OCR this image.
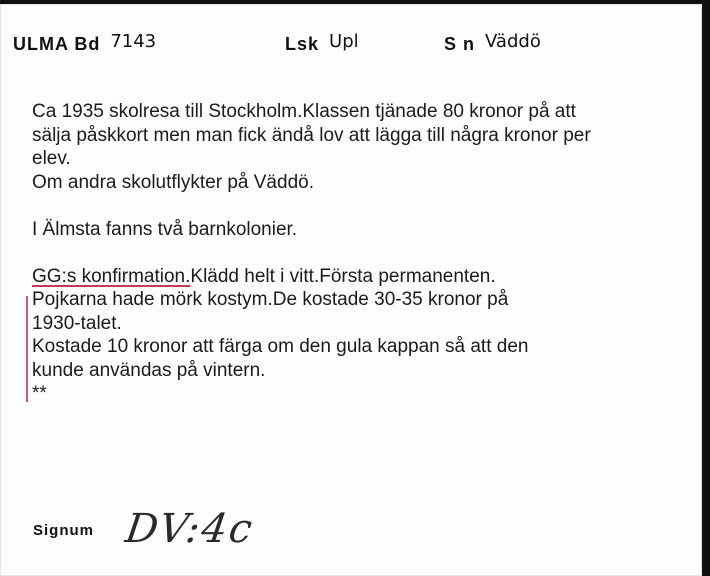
ULMA Bd 7143	Lsk Upl	S n Väddö
Ca 1935 skolresa till Stockholm.Klassen tjänade 80 kronor på att
sälja påskkort men man fick ändå lov att lägga till några kronor per
elev.
Om andra skolutflykter på Väddö.
I Älmsta fanns två barnkolonier.
GG:s konfirmation.Klädd helt i vitt.Första permanenten.
Pojkarna hade mörk kostym.De kostade 30-35 kronor på
1930-talet.
Kostade 10 kronor att färga om den gula kappan så att den
kunde användas på vintern.
**
Signum DV:4c
